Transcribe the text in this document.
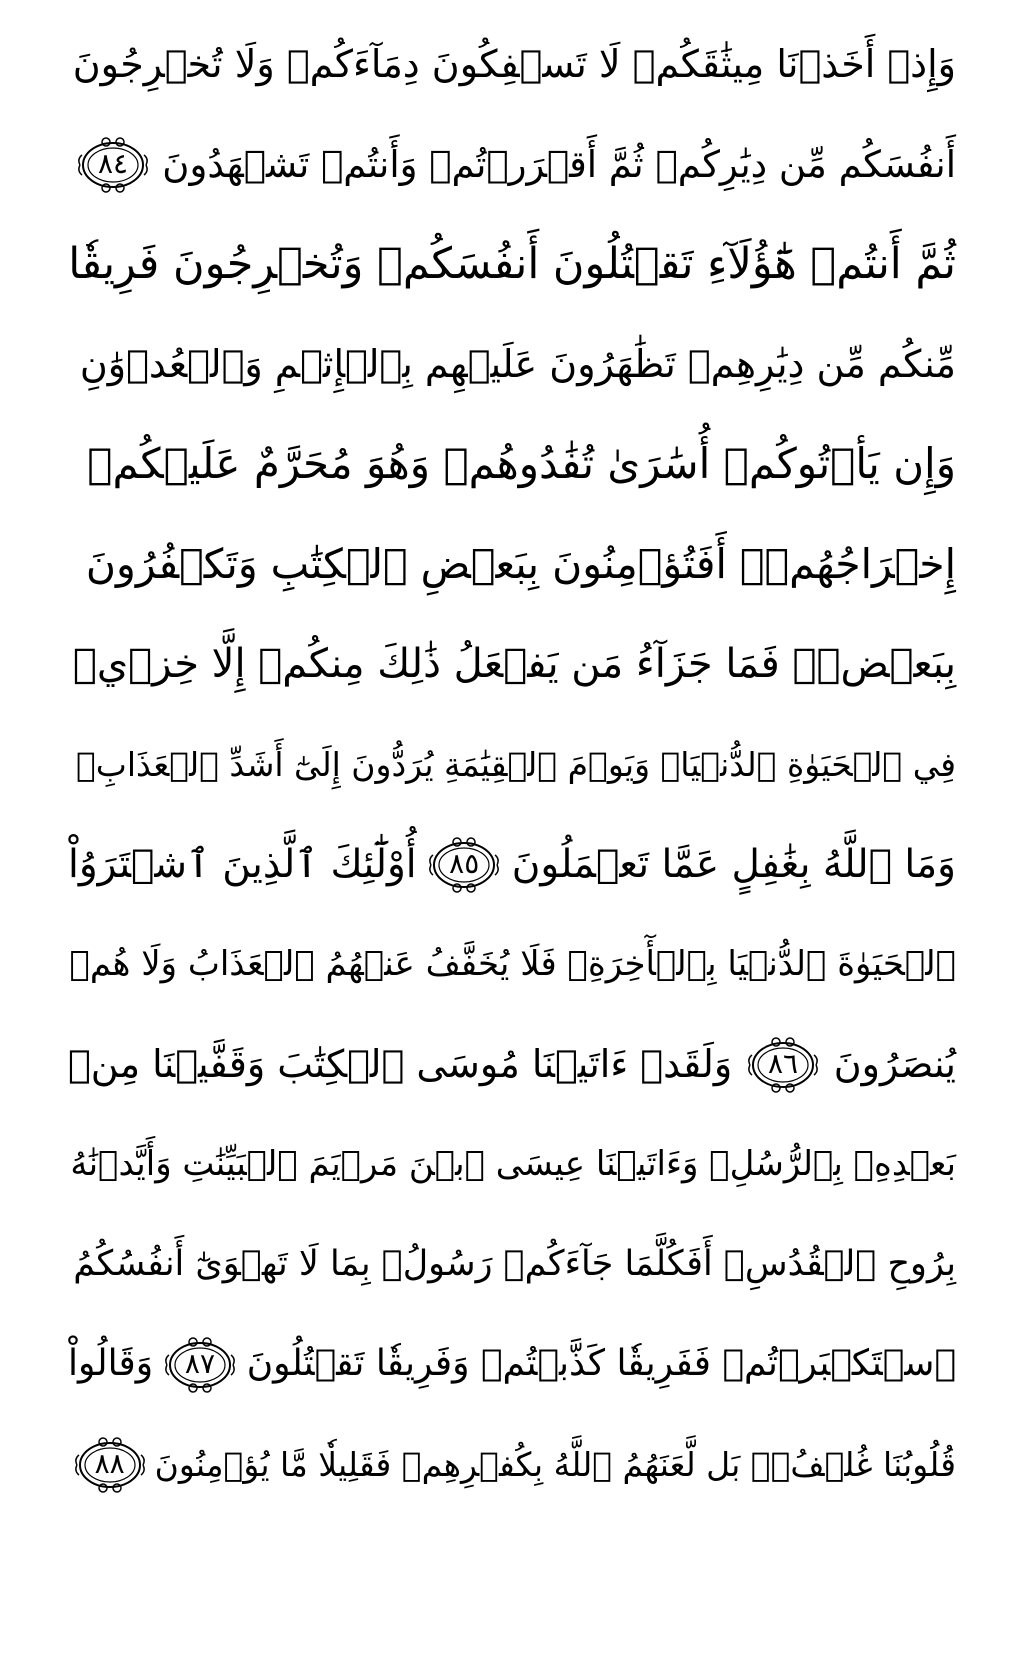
وَإِذۡ أَخَذۡنَا مِيثَٰقَكُمۡ لَا تَسۡفِكُونَ دِمَآءَكُمۡ وَلَا تُخۡرِجُونَ
أَنفُسَكُم مِّن دِيَٰرِكُمۡ ثُمَّ أَقۡرَرۡتُمۡ وَأَنتُمۡ تَشۡهَدُونَ
٨٤
ثُمَّ أَنتُمۡ هَٰٓؤُلَآءِ تَقۡتُلُونَ أَنفُسَكُمۡ وَتُخۡرِجُونَ فَرِيقٗا
مِّنكُم مِّن دِيَٰرِهِمۡ تَظَٰهَرُونَ عَلَيۡهِم بِٱلۡإِثۡمِ وَٱلۡعُدۡوَٰنِ
وَإِن يَأۡتُوكُمۡ أُسَٰرَىٰ تُفَٰدُوهُمۡ وَهُوَ مُحَرَّمٌ عَلَيۡكُمۡ
إِخۡرَاجُهُمۡۚ أَفَتُؤۡمِنُونَ بِبَعۡضِ ٱلۡكِتَٰبِ وَتَكۡفُرُونَ
بِبَعۡضٖۚ فَمَا جَزَآءُ مَن يَفۡعَلُ ذَٰلِكَ مِنكُمۡ إِلَّا خِزۡيٞ
فِي ٱلۡحَيَوٰةِ ٱلدُّنۡيَاۖ وَيَوۡمَ ٱلۡقِيَٰمَةِ يُرَدُّونَ إِلَىٰٓ أَشَدِّ ٱلۡعَذَابِۗ
وَمَا ٱللَّهُ بِغَٰفِلٍ عَمَّا تَعۡمَلُونَ
٨٥
أُوْلَٰٓئِكَ ٱلَّذِينَ ٱشۡتَرَوُاْ
ٱلۡحَيَوٰةَ ٱلدُّنۡيَا بِٱلۡأٓخِرَةِۖ فَلَا يُخَفَّفُ عَنۡهُمُ ٱلۡعَذَابُ وَلَا هُمۡ
يُنصَرُونَ
٨٦
وَلَقَدۡ ءَاتَيۡنَا مُوسَى ٱلۡكِتَٰبَ وَقَفَّيۡنَا مِنۢ
بَعۡدِهِۦ بِٱلرُّسُلِۖ وَءَاتَيۡنَا عِيسَى ٱبۡنَ مَرۡيَمَ ٱلۡبَيِّنَٰتِ وَأَيَّدۡنَٰهُ
بِرُوحِ ٱلۡقُدُسِۗ أَفَكُلَّمَا جَآءَكُمۡ رَسُولُۢ بِمَا لَا تَهۡوَىٰٓ أَنفُسُكُمُ
ٱسۡتَكۡبَرۡتُمۡ فَفَرِيقٗا كَذَّبۡتُمۡ وَفَرِيقٗا تَقۡتُلُونَ
٨٧
وَقَالُواْ
قُلُوبُنَا غُلۡفُۢۚ بَل لَّعَنَهُمُ ٱللَّهُ بِكُفۡرِهِمۡ فَقَلِيلٗا مَّا يُؤۡمِنُونَ
٨٨
